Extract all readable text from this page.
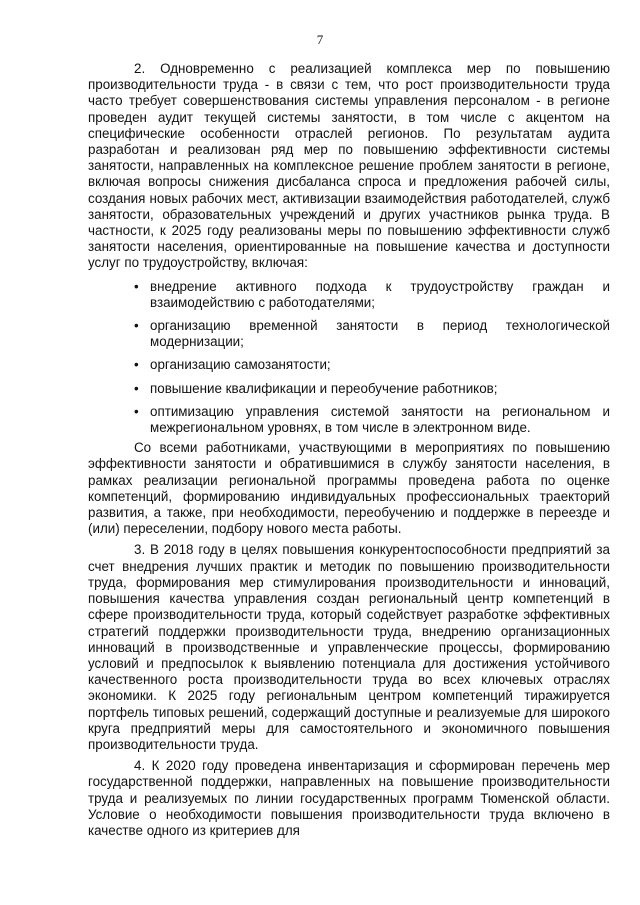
7

2. Одновременно с реализацией комплекса мер по повышению производительности труда - в связи с тем, что рост производительности труда часто требует совершенствования системы управления персоналом - в регионе проведен аудит текущей системы занятости, в том числе с акцентом на специфические особенности отраслей регионов. По результатам аудита разработан и реализован ряд мер по повышению эффективности системы занятости, направленных на комплексное решение проблем занятости в регионе, включая вопросы снижения дисбаланса спроса и предложения рабочей силы, создания новых рабочих мест, активизации взаимодействия работодателей, служб занятости, образовательных учреждений и других участников рынка труда. В частности, к 2025 году реализованы меры по повышению эффективности служб занятости населения, ориентированные на повышение качества и доступности услуг по трудоустройству, включая:

• внедрение активного подхода к трудоустройству граждан и взаимодействию с работодателями;
• организацию временной занятости в период технологической модернизации;
• организацию самозанятости;
• повышение квалификации и переобучение работников;
• оптимизацию управления системой занятости на региональном и межрегиональном уровнях, в том числе в электронном виде.

Со всеми работниками, участвующими в мероприятиях по повышению эффективности занятости и обратившимися в службу занятости населения, в рамках реализации региональной программы проведена работа по оценке компетенций, формированию индивидуальных профессиональных траекторий развития, а также, при необходимости, переобучению и поддержке в переезде и (или) переселении, подбору нового места работы.

3. В 2018 году в целях повышения конкурентоспособности предприятий за счет внедрения лучших практик и методик по повышению производительности труда, формирования мер стимулирования производительности и инноваций, повышения качества управления создан региональный центр компетенций в сфере производительности труда, который содействует разработке эффективных стратегий поддержки производительности труда, внедрению организационных инноваций в производственные и управленческие процессы, формированию условий и предпосылок к выявлению потенциала для достижения устойчивого качественного роста производительности труда во всех ключевых отраслях экономики. К 2025 году региональным центром компетенций тиражируется портфель типовых решений, содержащий доступные и реализуемые для широкого круга предприятий меры для самостоятельного и экономичного повышения производительности труда.

4. К 2020 году проведена инвентаризация и сформирован перечень мер государственной поддержки, направленных на повышение производительности труда и реализуемых по линии государственных программ Тюменской области. Условие о необходимости повышения производительности труда включено в качестве одного из критериев для
